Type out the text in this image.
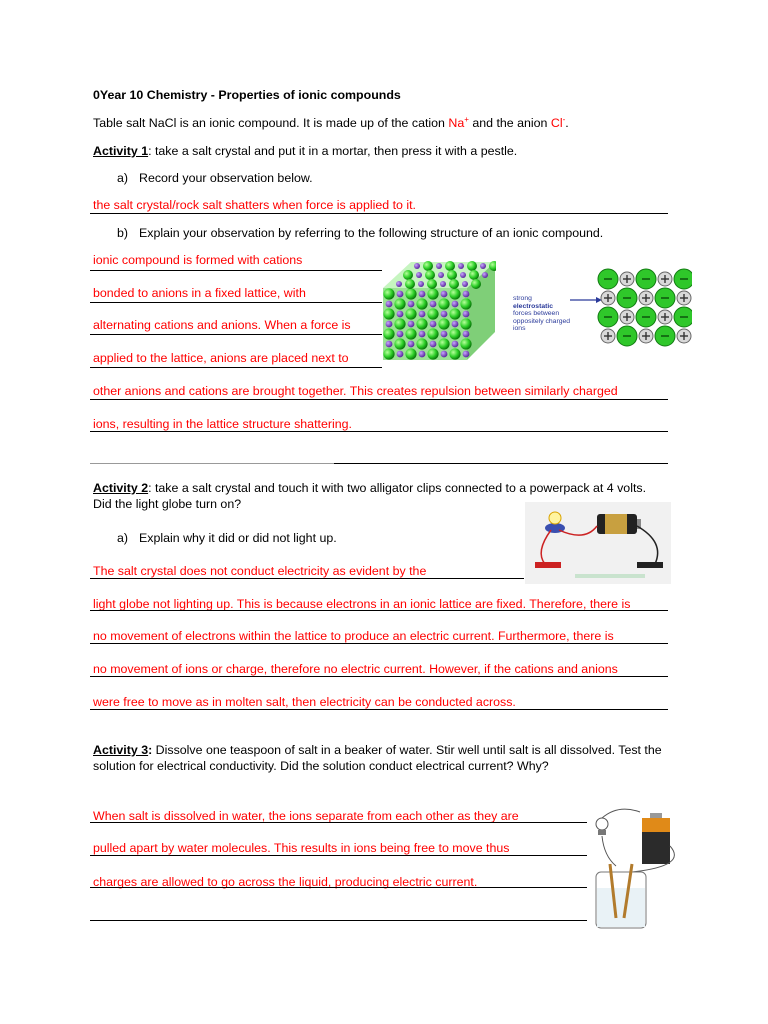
0Year 10 Chemistry - Properties of ionic compounds
Table salt NaCl is an ionic compound. It is made up of the cation Na+ and the anion Cl-.
Activity 1: take a salt crystal and put it in a mortar, then press it with a pestle.
a) Record your observation below.
the salt crystal/rock salt shatters when force is applied to it.
b) Explain your observation by referring to the following structure of an ionic compound.
ionic compound is formed with cations
bonded to anions in a fixed lattice, with
alternating cations and anions. When a force is
applied to the lattice, anions are placed next to
other anions and cations are brought together. This creates repulsion between similarly charged
ions, resulting in the lattice structure shattering.
strong
electrostatic
forces between
oppositely charged
ions
Activity 2: take a salt crystal and touch it with two alligator clips connected to a powerpack at 4 volts. Did the light globe turn on?
a) Explain why it did or did not light up.
The salt crystal does not conduct electricity as evident by the
light globe not lighting up. This is because electrons in an ionic lattice are fixed. Therefore, there is
no movement of electrons within the lattice to produce an electric current. Furthermore, there is
no movement of ions or charge, therefore no electric current. However, if the cations and anions
were free to move as in molten salt, then electricity can be conducted across.
Activity 3: Dissolve one teaspoon of salt in a beaker of water. Stir well until salt is all dissolved. Test the solution for electrical conductivity. Did the solution conduct electrical current? Why?
When salt is dissolved in water, the ions separate from each other as they are
pulled apart by water molecules. This results in ions being free to move thus
charges are allowed to go across the liquid, producing electric current.
